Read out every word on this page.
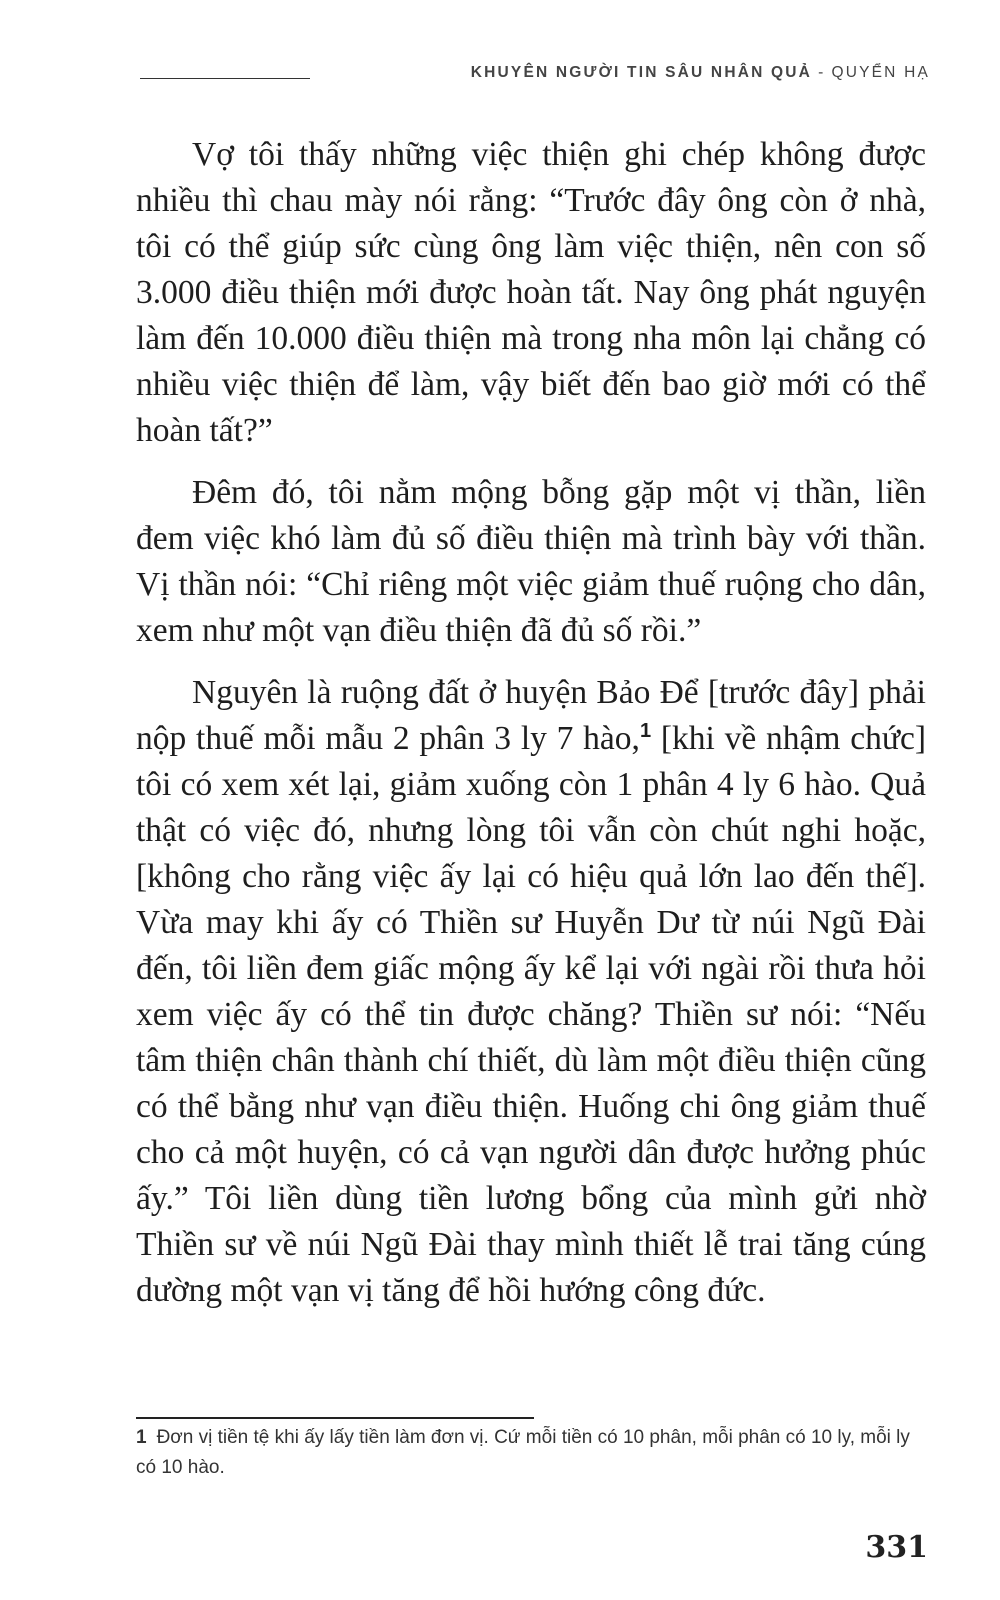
KHUYÊN NGƯỜI TIN SÂU NHÂN QUẢ - QUYỂN HẠ

Vợ tôi thấy những việc thiện ghi chép không được nhiều thì chau mày nói rằng: “Trước đây ông còn ở nhà, tôi có thể giúp sức cùng ông làm việc thiện, nên con số 3.000 điều thiện mới được hoàn tất. Nay ông phát nguyện làm đến 10.000 điều thiện mà trong nha môn lại chẳng có nhiều việc thiện để làm, vậy biết đến bao giờ mới có thể hoàn tất?”

Đêm đó, tôi nằm mộng bỗng gặp một vị thần, liền đem việc khó làm đủ số điều thiện mà trình bày với thần. Vị thần nói: “Chỉ riêng một việc giảm thuế ruộng cho dân, xem như một vạn điều thiện đã đủ số rồi.”

Nguyên là ruộng đất ở huyện Bảo Để [trước đây] phải nộp thuế mỗi mẫu 2 phân 3 ly 7 hào,$^1$ [khi về nhậm chức] tôi có xem xét lại, giảm xuống còn 1 phân 4 ly 6 hào. Quả thật có việc đó, nhưng lòng tôi vẫn còn chút nghi hoặc, [không cho rằng việc ấy lại có hiệu quả lớn lao đến thế]. Vừa may khi ấy có Thiền sư Huyễn Dư từ núi Ngũ Đài đến, tôi liền đem giấc mộng ấy kể lại với ngài rồi thưa hỏi xem việc ấy có thể tin được chăng? Thiền sư nói: “Nếu tâm thiện chân thành chí thiết, dù làm một điều thiện cũng có thể bằng như vạn điều thiện. Huống chi ông giảm thuế cho cả một huyện, có cả vạn người dân được hưởng phúc ấy.” Tôi liền dùng tiền lương bổng của mình gửi nhờ Thiền sư về núi Ngũ Đài thay mình thiết lễ trai tăng cúng dường một vạn vị tăng để hồi hướng công đức.

1 Đơn vị tiền tệ khi ấy lấy tiền làm đơn vị. Cứ mỗi tiền có 10 phân, mỗi phân có 10 ly, mỗi ly có 10 hào.
331
